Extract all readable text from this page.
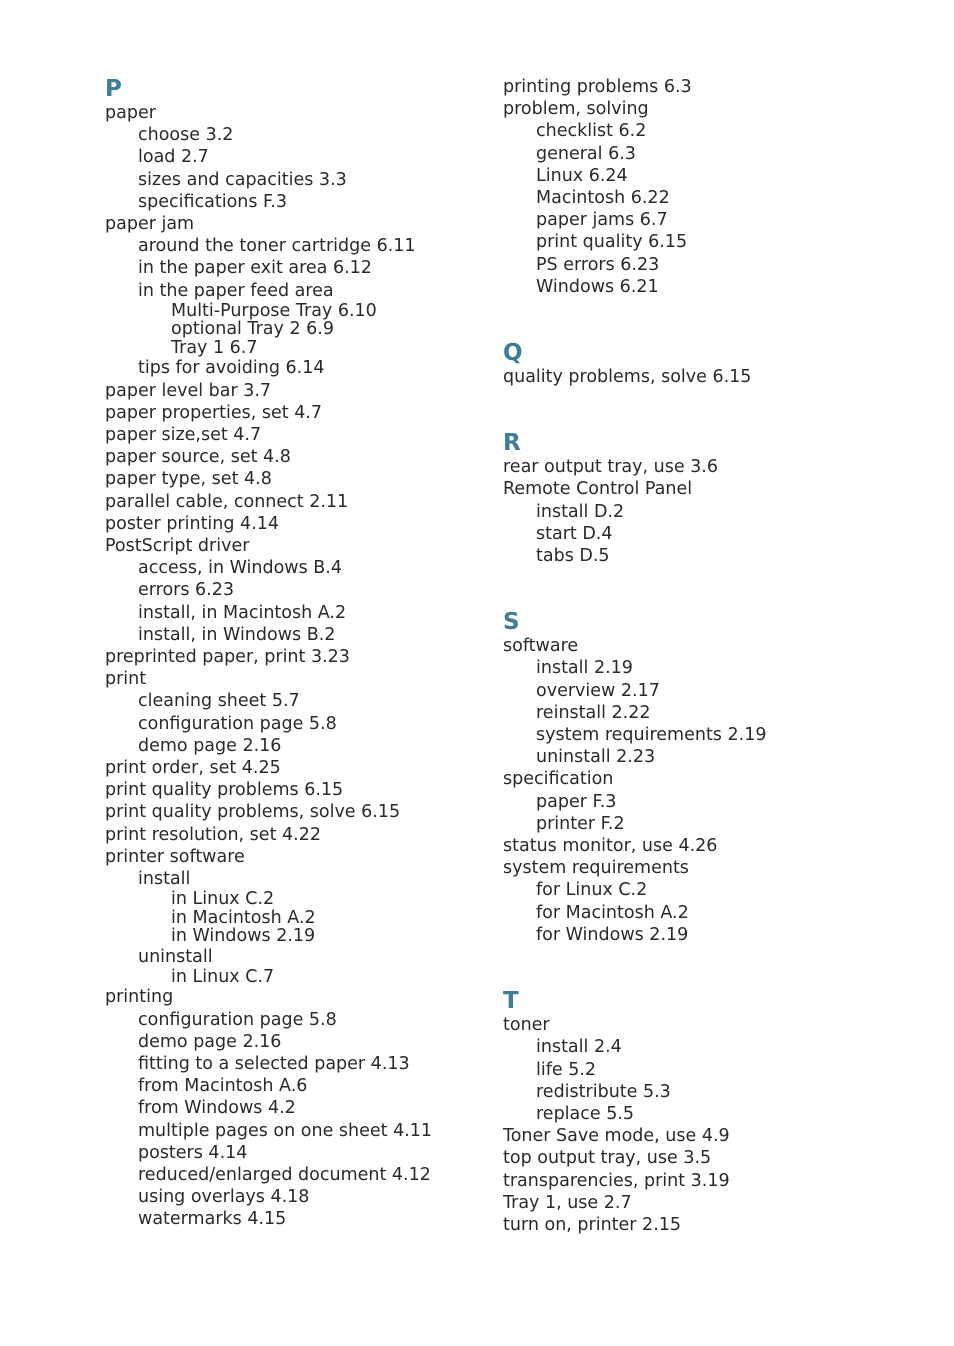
P
paper
choose 3.2
load 2.7
sizes and capacities 3.3
specifications F.3
paper jam
around the toner cartridge 6.11
in the paper exit area 6.12
in the paper feed area
Multi-Purpose Tray 6.10
optional Tray 2 6.9
Tray 1 6.7
tips for avoiding 6.14
paper level bar 3.7
paper properties, set 4.7
paper size,set 4.7
paper source, set 4.8
paper type, set 4.8
parallel cable, connect 2.11
poster printing 4.14
PostScript driver
access, in Windows B.4
errors 6.23
install, in Macintosh A.2
install, in Windows B.2
preprinted paper, print 3.23
print
cleaning sheet 5.7
configuration page 5.8
demo page 2.16
print order, set 4.25
print quality problems 6.15
print quality problems, solve 6.15
print resolution, set 4.22
printer software
install
in Linux C.2
in Macintosh A.2
in Windows 2.19
uninstall
in Linux C.7
printing
configuration page 5.8
demo page 2.16
fitting to a selected paper 4.13
from Macintosh A.6
from Windows 4.2
multiple pages on one sheet 4.11
posters 4.14
reduced/enlarged document 4.12
using overlays 4.18
watermarks 4.15
printing problems 6.3
problem, solving
checklist 6.2
general 6.3
Linux 6.24
Macintosh 6.22
paper jams 6.7
print quality 6.15
PS errors 6.23
Windows 6.21
Q
quality problems, solve 6.15
R
rear output tray, use 3.6
Remote Control Panel
install D.2
start D.4
tabs D.5
S
software
install 2.19
overview 2.17
reinstall 2.22
system requirements 2.19
uninstall 2.23
specification
paper F.3
printer F.2
status monitor, use 4.26
system requirements
for Linux C.2
for Macintosh A.2
for Windows 2.19
T
toner
install 2.4
life 5.2
redistribute 5.3
replace 5.5
Toner Save mode, use 4.9
top output tray, use 3.5
transparencies, print 3.19
Tray 1, use 2.7
turn on, printer 2.15
